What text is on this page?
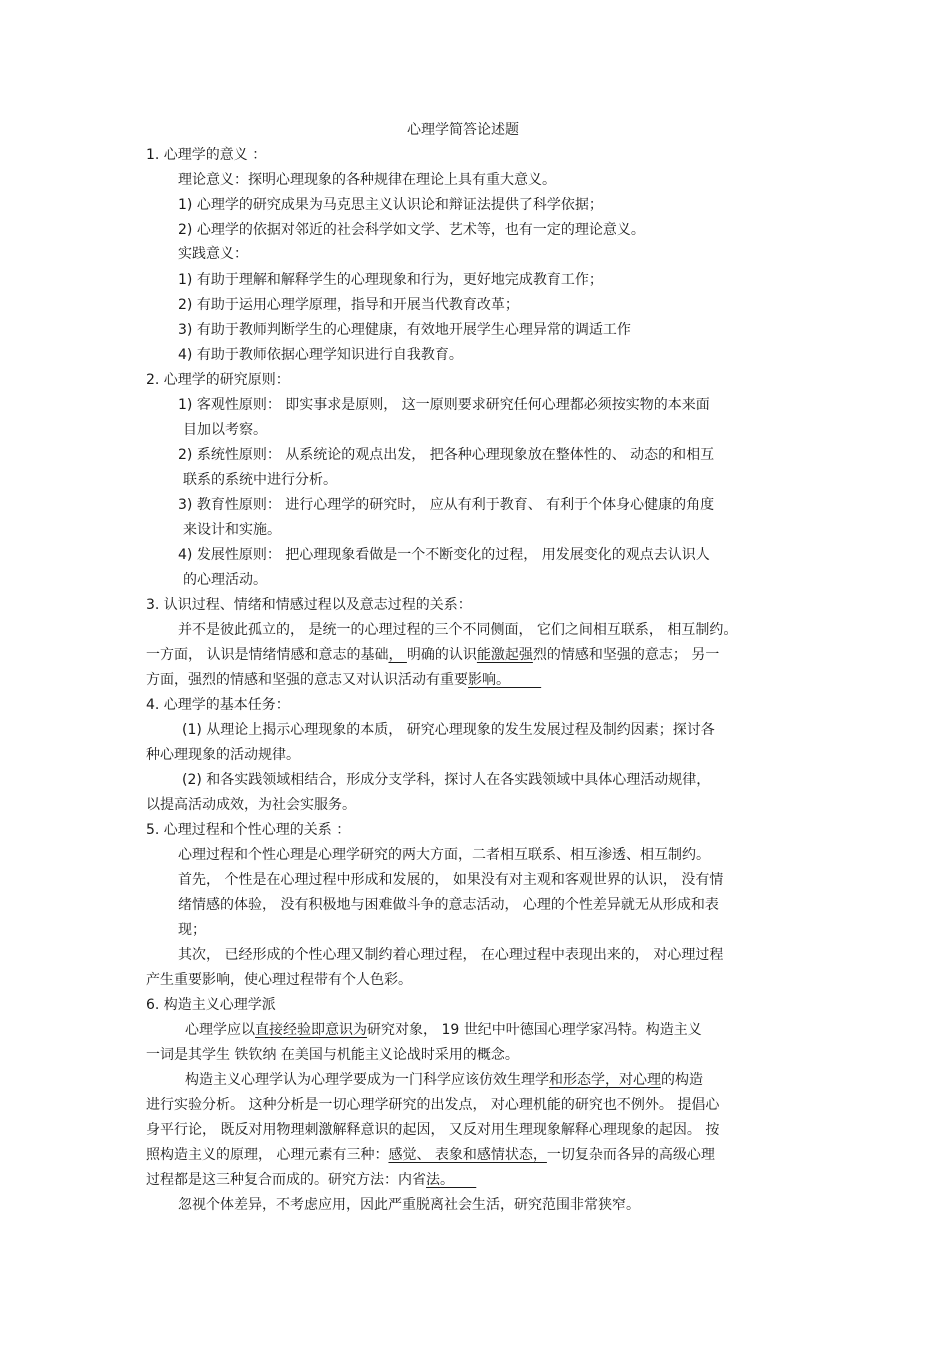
心理学简答论述题
1. 心理学的意义 ：
理论意义：探明心理现象的各种规律在理论上具有重大意义。
1) 心理学的研究成果为马克思主义认识论和辩证法提供了科学依据；
2) 心理学的依据对邻近的社会科学如文学、艺术等，也有一定的理论意义。
实践意义：
1) 有助于理解和解释学生的心理现象和行为，更好地完成教育工作；
2) 有助于运用心理学原理，指导和开展当代教育改革；
3) 有助于教师判断学生的心理健康，有效地开展学生心理异常的调适工作
4) 有助于教师依据心理学知识进行自我教育。
2. 心理学的研究原则：
1) 客观性原则： 即实事求是原则， 这一原则要求研究任何心理都必须按实物的本来面
目加以考察。
2) 系统性原则： 从系统论的观点出发， 把各种心理现象放在整体性的、 动态的和相互
联系的系统中进行分析。
3) 教育性原则： 进行心理学的研究时， 应从有利于教育、 有利于个体身心健康的角度
来设计和实施。
4) 发展性原则： 把心理现象看做是一个不断变化的过程， 用发展变化的观点去认识人
的心理活动。
3. 认识过程、情绪和情感过程以及意志过程的关系：
并不是彼此孤立的， 是统一的心理过程的三个不同侧面， 它们之间相互联系， 相互制约。
一方面， 认识是情绪情感和意志的基础， 明确的认识能激起强烈的情感和坚强的意志； 另一
方面，强烈的情感和坚强的意志又对认识活动有重要影响。
4. 心理学的基本任务：
(1) 从理论上揭示心理现象的本质， 研究心理现象的发生发展过程及制约因素；探讨各
种心理现象的活动规律。
(2) 和各实践领域相结合，形成分支学科，探讨人在各实践领域中具体心理活动规律，
以提高活动成效，为社会实服务。
5. 心理过程和个性心理的关系 ：
心理过程和个性心理是心理学研究的两大方面，二者相互联系、相互渗透、相互制约。
首先， 个性是在心理过程中形成和发展的， 如果没有对主观和客观世界的认识， 没有情
绪情感的体验， 没有积极地与困难做斗争的意志活动， 心理的个性差异就无从形成和表
现；
其次， 已经形成的个性心理又制约着心理过程， 在心理过程中表现出来的， 对心理过程
产生重要影响，使心理过程带有个人色彩。
6. 构造主义心理学派
心理学应以直接经验即意识为研究对象， 19 世纪中叶德国心理学家冯特。构造主义
一词是其学生 铁钦纳 在美国与机能主义论战时采用的概念。
构造主义心理学认为心理学要成为一门科学应该仿效生理学和形态学，对心理的构造
进行实验分析。 这种分析是一切心理学研究的出发点， 对心理机能的研究也不例外。 提倡心
身平行论， 既反对用物理刺激解释意识的起因， 又反对用生理现象解释心理现象的起因。 按
照构造主义的原理， 心理元素有三种：感觉、 表象和感情状态，一切复杂而各异的高级心理
过程都是这三种复合而成的。研究方法：内省法。
忽视个体差异，不考虑应用，因此严重脱离社会生活，研究范围非常狭窄。
